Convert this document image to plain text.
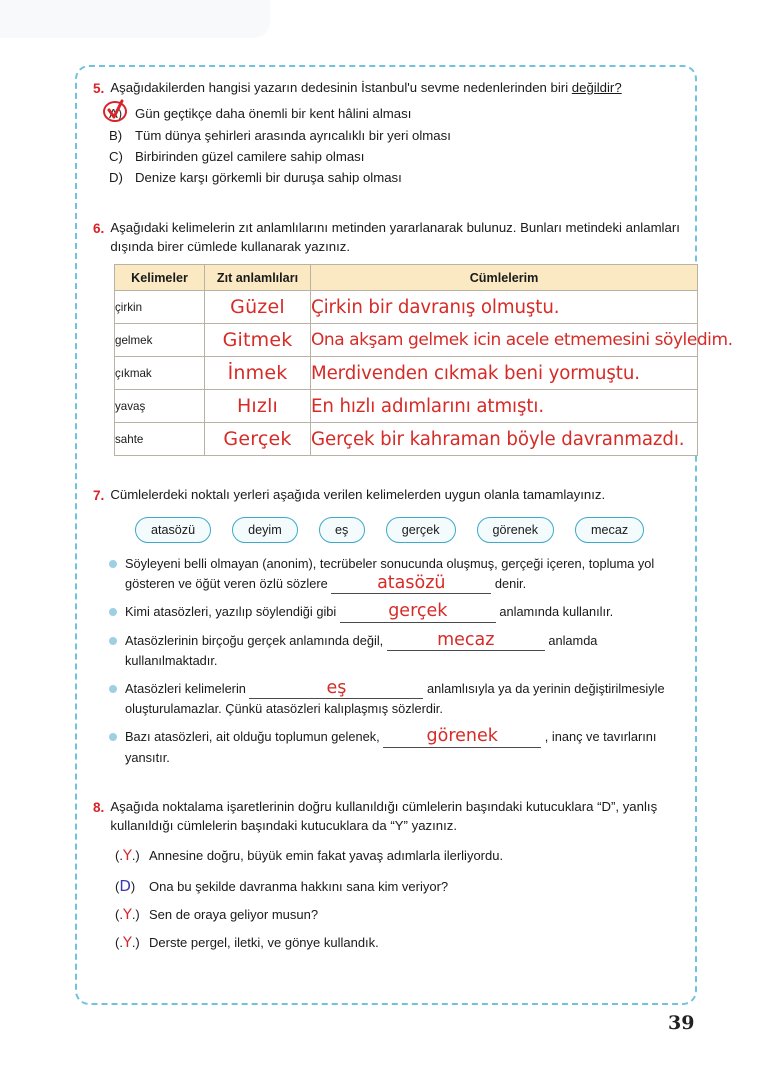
5. Aşağıdakilerden hangisi yazarın dedesinin İstanbul'u sevme nedenlerinden biri değildir?
A) Gün geçtikçe daha önemli bir kent hâlini alması
B) Tüm dünya şehirleri arasında ayrıcalıklı bir yeri olması
C) Birbirinden güzel camilere sahip olması
D) Denize karşı görkemli bir duruşa sahip olması
6. Aşağıdaki kelimelerin zıt anlamlılarını metinden yararlanarak bulunuz. Bunları metindeki anlamları dışında birer cümlede kullanarak yazınız.
Kelimeler	Zıt anlamlıları	Cümlelerim
çirkin	Güzel	Çirkin bir davranış olmuştu.
gelmek	Gitmek	Ona akşam gelmek icin acele etmemesini söyledim.
çıkmak	İnmek	Merdivenden cıkmak beni yormuştu.
yavaş	Hızlı	En hızlı adımlarını atmıştı.
sahte	Gerçek	Gerçek bir kahraman böyle davranmazdı.
7. Cümlelerdeki noktalı yerleri aşağıda verilen kelimelerden uygun olanla tamamlayınız.
atasözü	deyim	eş	gerçek	görenek	mecaz
Söyleyeni belli olmayan (anonim), tecrübeler sonucunda oluşmuş, gerçeği içeren, topluma yol gösteren ve öğüt veren özlü sözlere	atasözü	denir.
Kimi atasözleri, yazılıp söylendiği gibi	gerçek	anlamında kullanılır.
Atasözlerinin birçoğu gerçek anlamında değil,	mecaz	anlamda kullanılmaktadır.
Atasözleri kelimelerin	eş	anlamlısıyla ya da yerinin değiştirilmesiyle oluşturulamazlar. Çünkü atasözleri kalıplaşmış sözlerdir.
Bazı atasözleri, ait olduğu toplumun gelenek, görenek	, inanç ve tavırlarını yansıtır.
8. Aşağıda noktalama işaretlerinin doğru kullanıldığı cümlelerin başındaki kutucuklara “D”, yanlış kullanıldığı cümlelerin başındaki kutucuklara da “Y” yazınız.
(.Y.) Annesine doğru, büyük emin fakat yavaş adımlarla ilerliyordu.
(D)	Ona bu şekilde davranma hakkını sana kim veriyor?
(.Y.) Sen de oraya geliyor musun?
(.Y.) Derste pergel, iletki, ve gönye kullandık.
39
